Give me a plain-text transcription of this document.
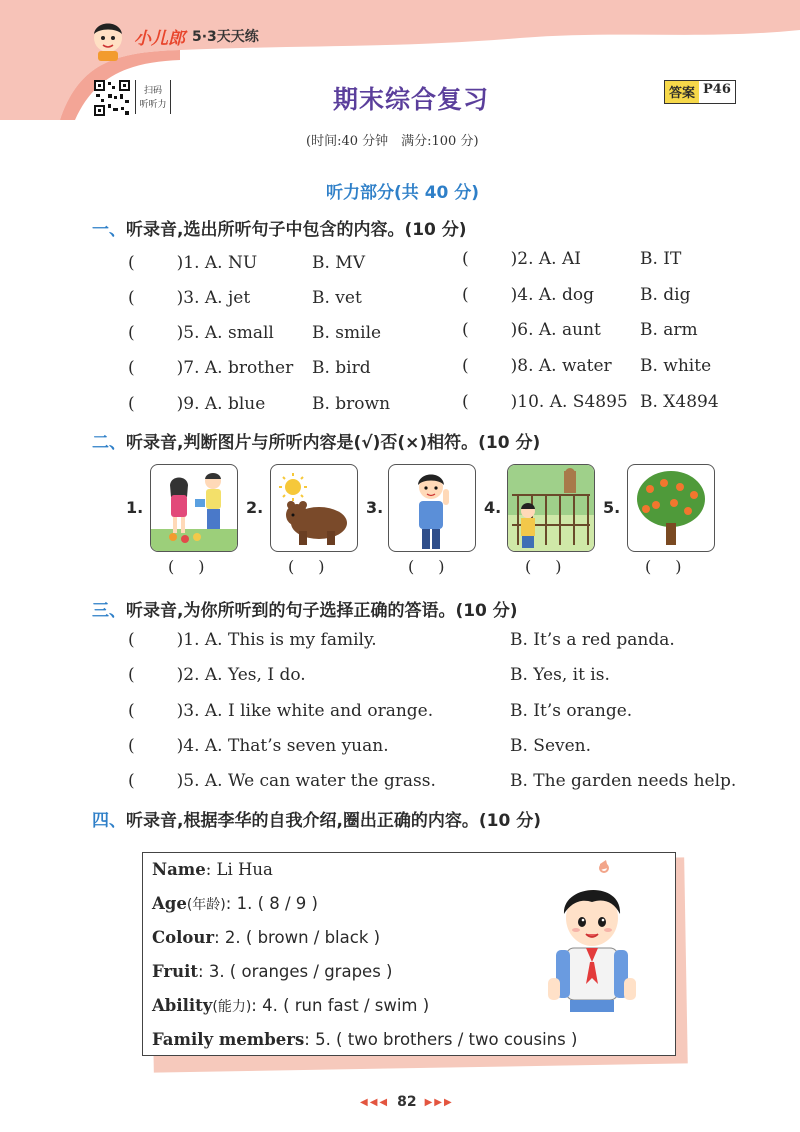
小儿郎 5·3天天练
扫码
听听力	期末综合复习	答案 P46
(时间:40 分钟　满分:100 分)
听力部分(共 40 分)
一、听录音,选出所听句子中包含的内容。(10 分)
( )1. A. NU	B. MV	( )2. A. AI	B. IT
( )3. A. jet	B. vet	( )4. A. dog	B. dig
( )5. A. small B. smile	( )6. A. aunt B. arm
( )7. A. brother B. bird	( )8. A. water B. white
( )9. A. blue	B. brown	( )10. A. S4895 B. X4894
二、听录音,判断图片与所听内容是(√)否(×)相符。(10 分)
1.
( )
2.
( )
3.
( )
4.
( )
5.
( )
三、听录音,为你所听到的句子选择正确的答语。(10 分)
( )1. A. This is my family.	B. It’s a red panda.
( )2. A. Yes, I do.	B. Yes, it is.
( )3. A. I like white and orange.	B. It’s orange.
( )4. A. That’s seven yuan.	B. Seven.
( )5. A. We can water the grass.	B. The garden needs help.
四、听录音,根据李华的自我介绍,圈出正确的内容。(10 分)
Name: Li Hua
Age(年龄): 1. ( 8 / 9 )
Colour: 2. ( brown / black )
Fruit: 3. ( oranges / grapes )
Ability(能力): 4. ( run fast / swim )
Family members: 5. ( two brothers / two cousins )
◀◀◀ 82 ▶▶▶
